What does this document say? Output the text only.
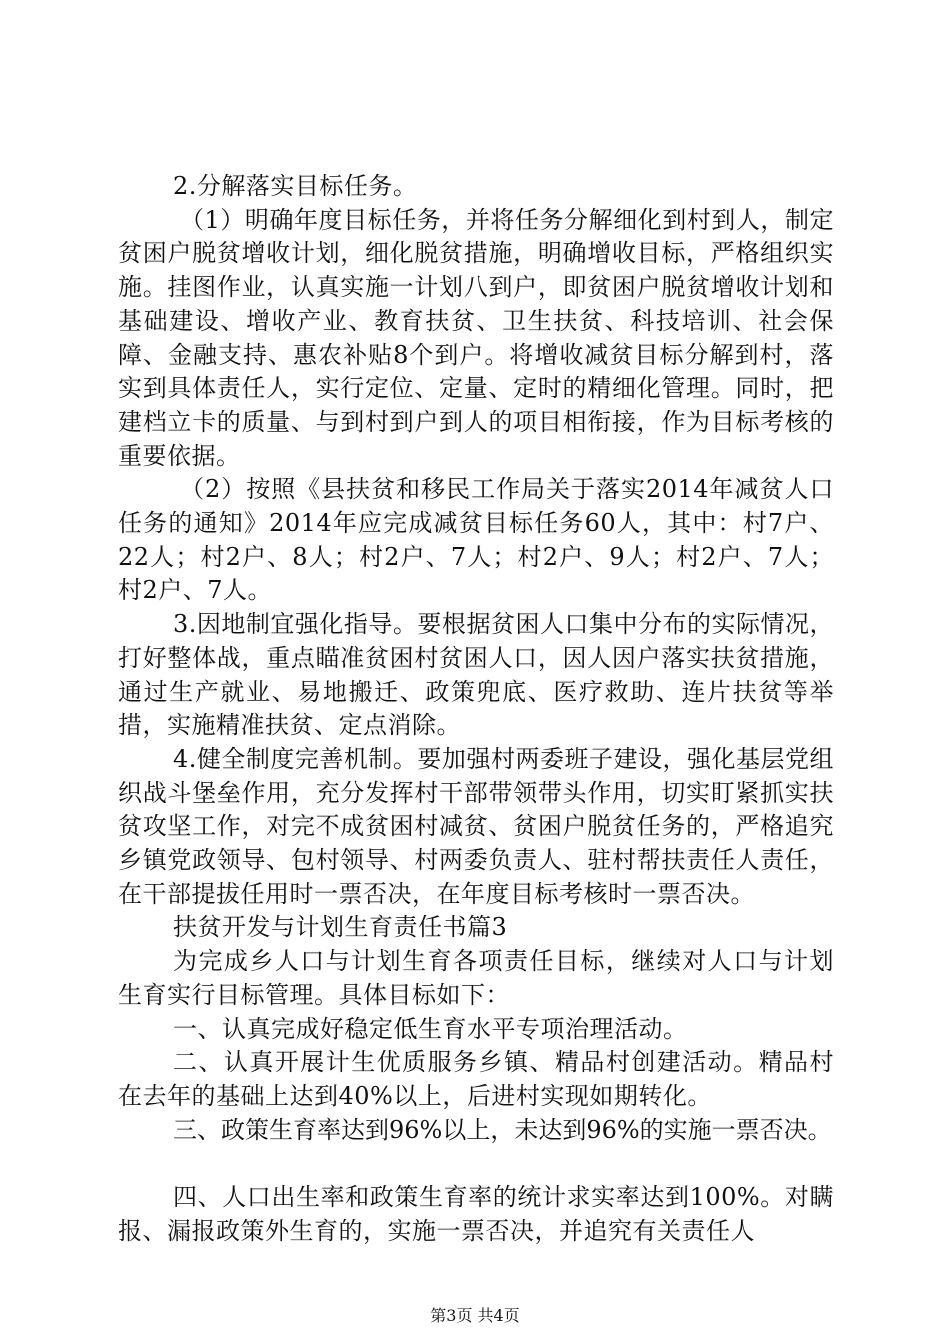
2.分解落实目标任务。

（1）明确年度目标任务，并将任务分解细化到村到人，制定贫困户脱贫增收计划，细化脱贫措施，明确增收目标，严格组织实施。挂图作业，认真实施一计划八到户，即贫困户脱贫增收计划和基础建设、增收产业、教育扶贫、卫生扶贫、科技培训、社会保障、金融支持、惠农补贴8个到户。将增收减贫目标分解到村，落实到具体责任人，实行定位、定量、定时的精细化管理。同时，把建档立卡的质量、与到村到户到人的项目相衔接，作为目标考核的重要依据。

（2）按照《县扶贫和移民工作局关于落实2014年减贫人口任务的通知》2014年应完成减贫目标任务60人，其中：村7户、22人；村2户、8人；村2户、7人；村2户、9人；村2户、7人；村2户、7人。

3.因地制宜强化指导。要根据贫困人口集中分布的实际情况，打好整体战，重点瞄准贫困村贫困人口，因人因户落实扶贫措施，通过生产就业、易地搬迁、政策兜底、医疗救助、连片扶贫等举措，实施精准扶贫、定点消除。

4.健全制度完善机制。要加强村两委班子建设，强化基层党组织战斗堡垒作用，充分发挥村干部带领带头作用，切实盯紧抓实扶贫攻坚工作，对完不成贫困村减贫、贫困户脱贫任务的，严格追究乡镇党政领导、包村领导、村两委负责人、驻村帮扶责任人责任，在干部提拔任用时一票否决，在年度目标考核时一票否决。

扶贫开发与计划生育责任书篇3

为完成乡人口与计划生育各项责任目标，继续对人口与计划生育实行目标管理。具体目标如下：

一、认真完成好稳定低生育水平专项治理活动。

二、认真开展计生优质服务乡镇、精品村创建活动。精品村在去年的基础上达到40%以上，后进村实现如期转化。

三、政策生育率达到96%以上，未达到96%的实施一票否决。

四、人口出生率和政策生育率的统计求实率达到100%。对瞒报、漏报政策外生育的，实施一票否决，并追究有关责任人

第3页 共4页
